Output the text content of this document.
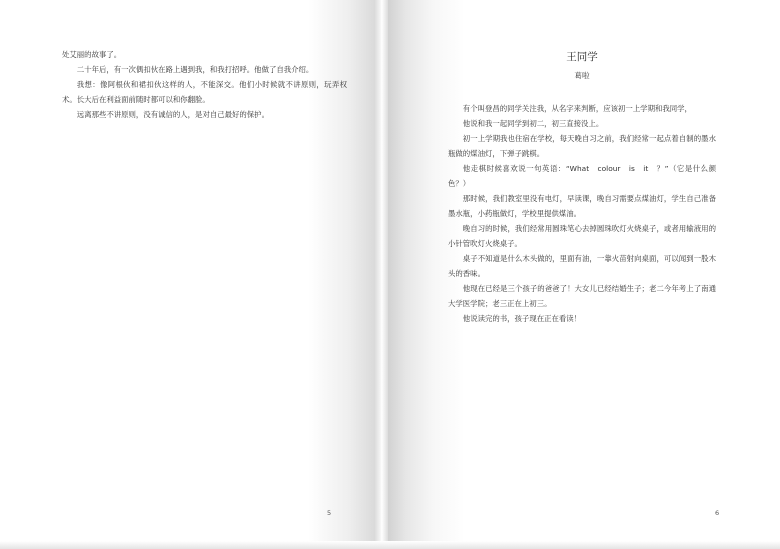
处艾丽的故事了。

二十年后，有一次偶扣伙在路上遇到我，和我打招呼。他做了自我介绍。

我想：像阿根伙和裙扣伙这样的人，不能深交。他们小时候就不讲原则，玩弄权术。长大后在利益面前随时都可以和你翻脸。

远离那些不讲原则，没有诚信的人，是对自己最好的保护。

5
王同学
葛啦

有个叫登昌的同学关注我，从名字来判断，应该初一上学期和我同学，

他说和我一起同学到初二，初三直接没上。

初一上学期我也住宿在学校，每天晚自习之前，我们经常一起点着自制的墨水瓶做的煤油灯，下弹子跳棋。

他走棋时候喜欢说一句英语：“What　colour　is　it　？”（它是什么颜色？）

那时候，我们教室里没有电灯，早读课，晚自习需要点煤油灯，学生自己准备墨水瓶，小药瓶做灯，学校里提供煤油。

晚自习的时候，我们经常用圆珠笔心去掉圆珠吹灯火烧桌子，或者用输液用的小针管吹灯火烧桌子。

桌子不知道是什么木头做的，里面有油，一靠火苗射向桌面，可以闻到一股木头的香味。

他现在已经是三个孩子的爸爸了！大女儿已经结婚生子；老二今年考上了南通大学医学院；老三正在上初三。

他说读完的书，孩子现在正在看读！

6
